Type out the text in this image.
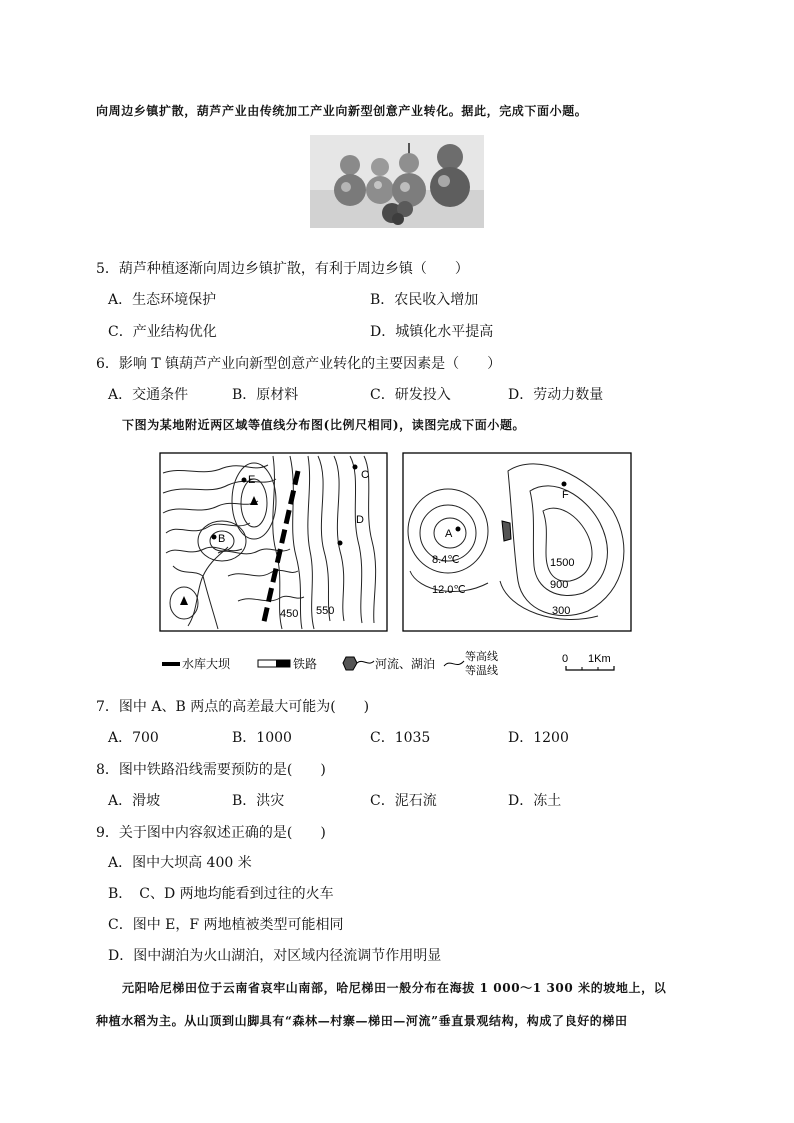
向周边乡镇扩散，葫芦产业由传统加工产业向新型创意产业转化。据此，完成下面小题。
5．葫芦种植逐渐向周边乡镇扩散，有利于周边乡镇（　　）
A．生态环境保护	B．农民收入增加
C．产业结构优化	D．城镇化水平提高
6．影响 T 镇葫芦产业向新型创意产业转化的主要因素是（　　）
A．交通条件	B．原材料	C．研发投入	D．劳动力数量
下图为某地附近两区域等值线分布图(比例尺相同)，读图完成下面小题。
E
B
C
D
450 550
A
F
8.4℃
12.0℃
1500
900
300
水库大坝	铁路	河流、湖泊
等高线
等温线
0 1Km
7．图中 A、B 两点的高差最大可能为(　　)
A．700	B．1000	C．1035	D．1200
8．图中铁路沿线需要预防的是(　　)
A．滑坡	B．洪灾	C．泥石流	D．冻土
9．关于图中内容叙述正确的是(　　)
A．图中大坝高 400 米
B．　C、D 两地均能看到过往的火车
C．图中 E，F 两地植被类型可能相同
D．图中湖泊为火山湖泊，对区域内径流调节作用明显
元阳哈尼梯田位于云南省哀牢山南部，哈尼梯田一般分布在海拔 1 000～1 300 米的坡地上，以
种植水稻为主。从山顶到山脚具有“森林—村寨—梯田—河流”垂直景观结构，构成了良好的梯田
